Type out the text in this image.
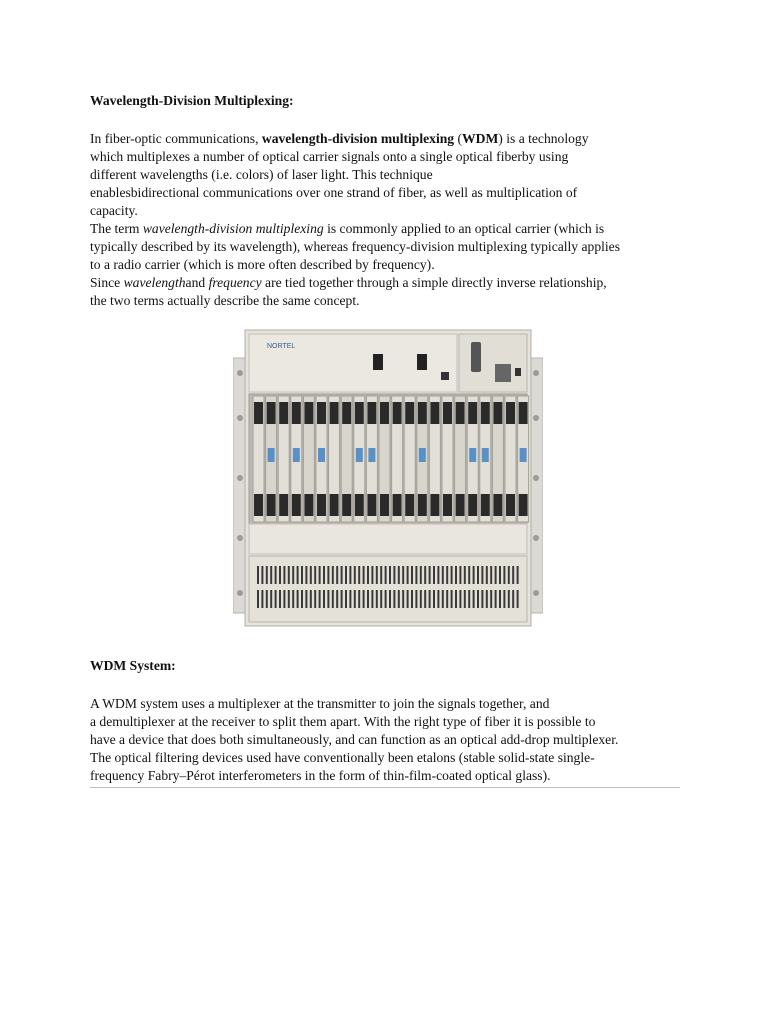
Wavelength-Division Multiplexing:
In fiber-optic communications, wavelength-division multiplexing (WDM) is a technology
which multiplexes a number of optical carrier signals onto a single optical fiberby using
different wavelengths (i.e. colors) of laser light. This technique
enablesbidirectional communications over one strand of fiber, as well as multiplication of
capacity.
The term wavelength-division multiplexing is commonly applied to an optical carrier (which is
typically described by its wavelength), whereas frequency-division multiplexing typically applies
to a radio carrier (which is more often described by frequency).
Since wavelengthand frequency are tied together through a simple directly inverse relationship,
the two terms actually describe the same concept.
WDM System:
A WDM system uses a multiplexer at the transmitter to join the signals together, and
a demultiplexer at the receiver to split them apart. With the right type of fiber it is possible to
have a device that does both simultaneously, and can function as an optical add-drop multiplexer.
The optical filtering devices used have conventionally been etalons (stable solid-state single-
frequency Fabry–Pérot interferometers in the form of thin-film-coated optical glass).
NORTEL
